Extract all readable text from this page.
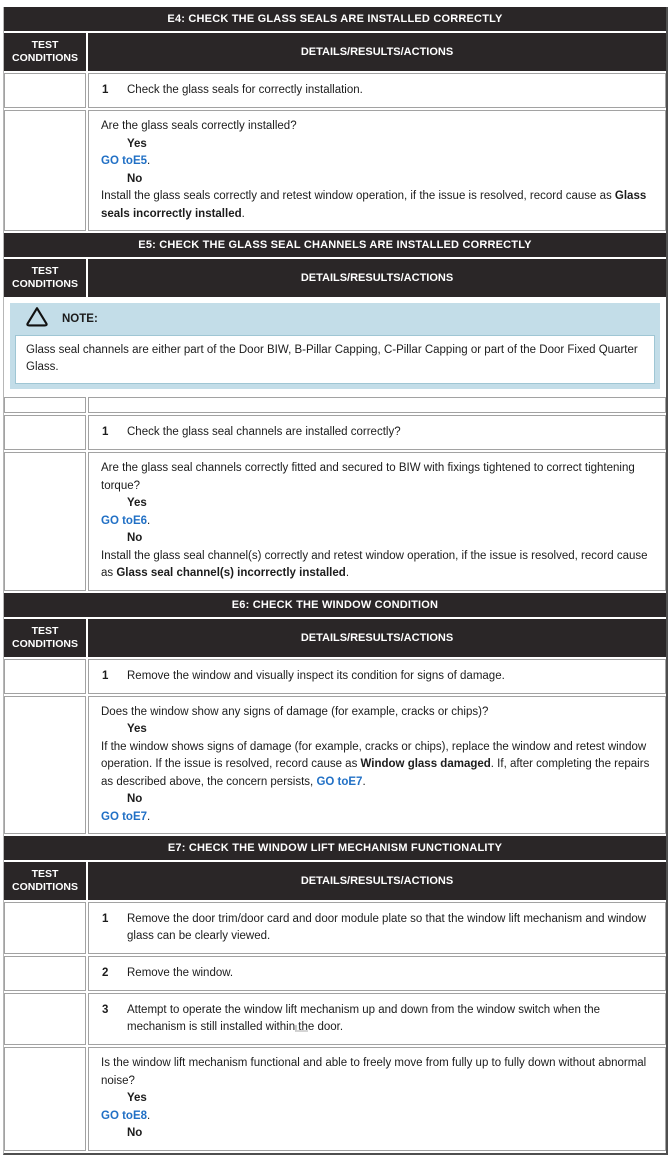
E4: CHECK THE GLASS SEALS ARE INSTALLED CORRECTLY
TEST CONDITIONS	DETAILS/RESULTS/ACTIONS
1	Check the glass seals for correctly installation.
Are the glass seals correctly installed?
Yes
GO toE5.
No
Install the glass seals correctly and retest window operation, if the issue is resolved, record cause as Glass seals incorrectly installed.
E5: CHECK THE GLASS SEAL CHANNELS ARE INSTALLED CORRECTLY
TEST CONDITIONS	DETAILS/RESULTS/ACTIONS
NOTE:
Glass seal channels are either part of the Door BIW, B-Pillar Capping, C-Pillar Capping or part of the Door Fixed Quarter Glass.
1	Check the glass seal channels are installed correctly?
Are the glass seal channels correctly fitted and secured to BIW with fixings tightened to correct tightening torque?
Yes
GO toE6.
No
Install the glass seal channel(s) correctly and retest window operation, if the issue is resolved, record cause as Glass seal channel(s) incorrectly installed.
E6: CHECK THE WINDOW CONDITION
TEST CONDITIONS	DETAILS/RESULTS/ACTIONS
1	Remove the window and visually inspect its condition for signs of damage.
Does the window show any signs of damage (for example, cracks or chips)?
Yes
If the window shows signs of damage (for example, cracks or chips), replace the window and retest window operation. If the issue is resolved, record cause as Window glass damaged. If, after completing the repairs as described above, the concern persists, GO toE7.
No
GO toE7.
E7: CHECK THE WINDOW LIFT MECHANISM FUNCTIONALITY
TEST CONDITIONS	DETAILS/RESULTS/ACTIONS
1	Remove the door trim/door card and door module plate so that the window lift mechanism and window glass can be clearly viewed.
2	Remove the window.
3	Attempt to operate the window lift mechanism up and down from the window switch when the mechanism is still installed within the door.
Is the window lift mechanism functional and able to freely move from fully up to fully down without abnormal noise?
Yes
GO toE8.
No
